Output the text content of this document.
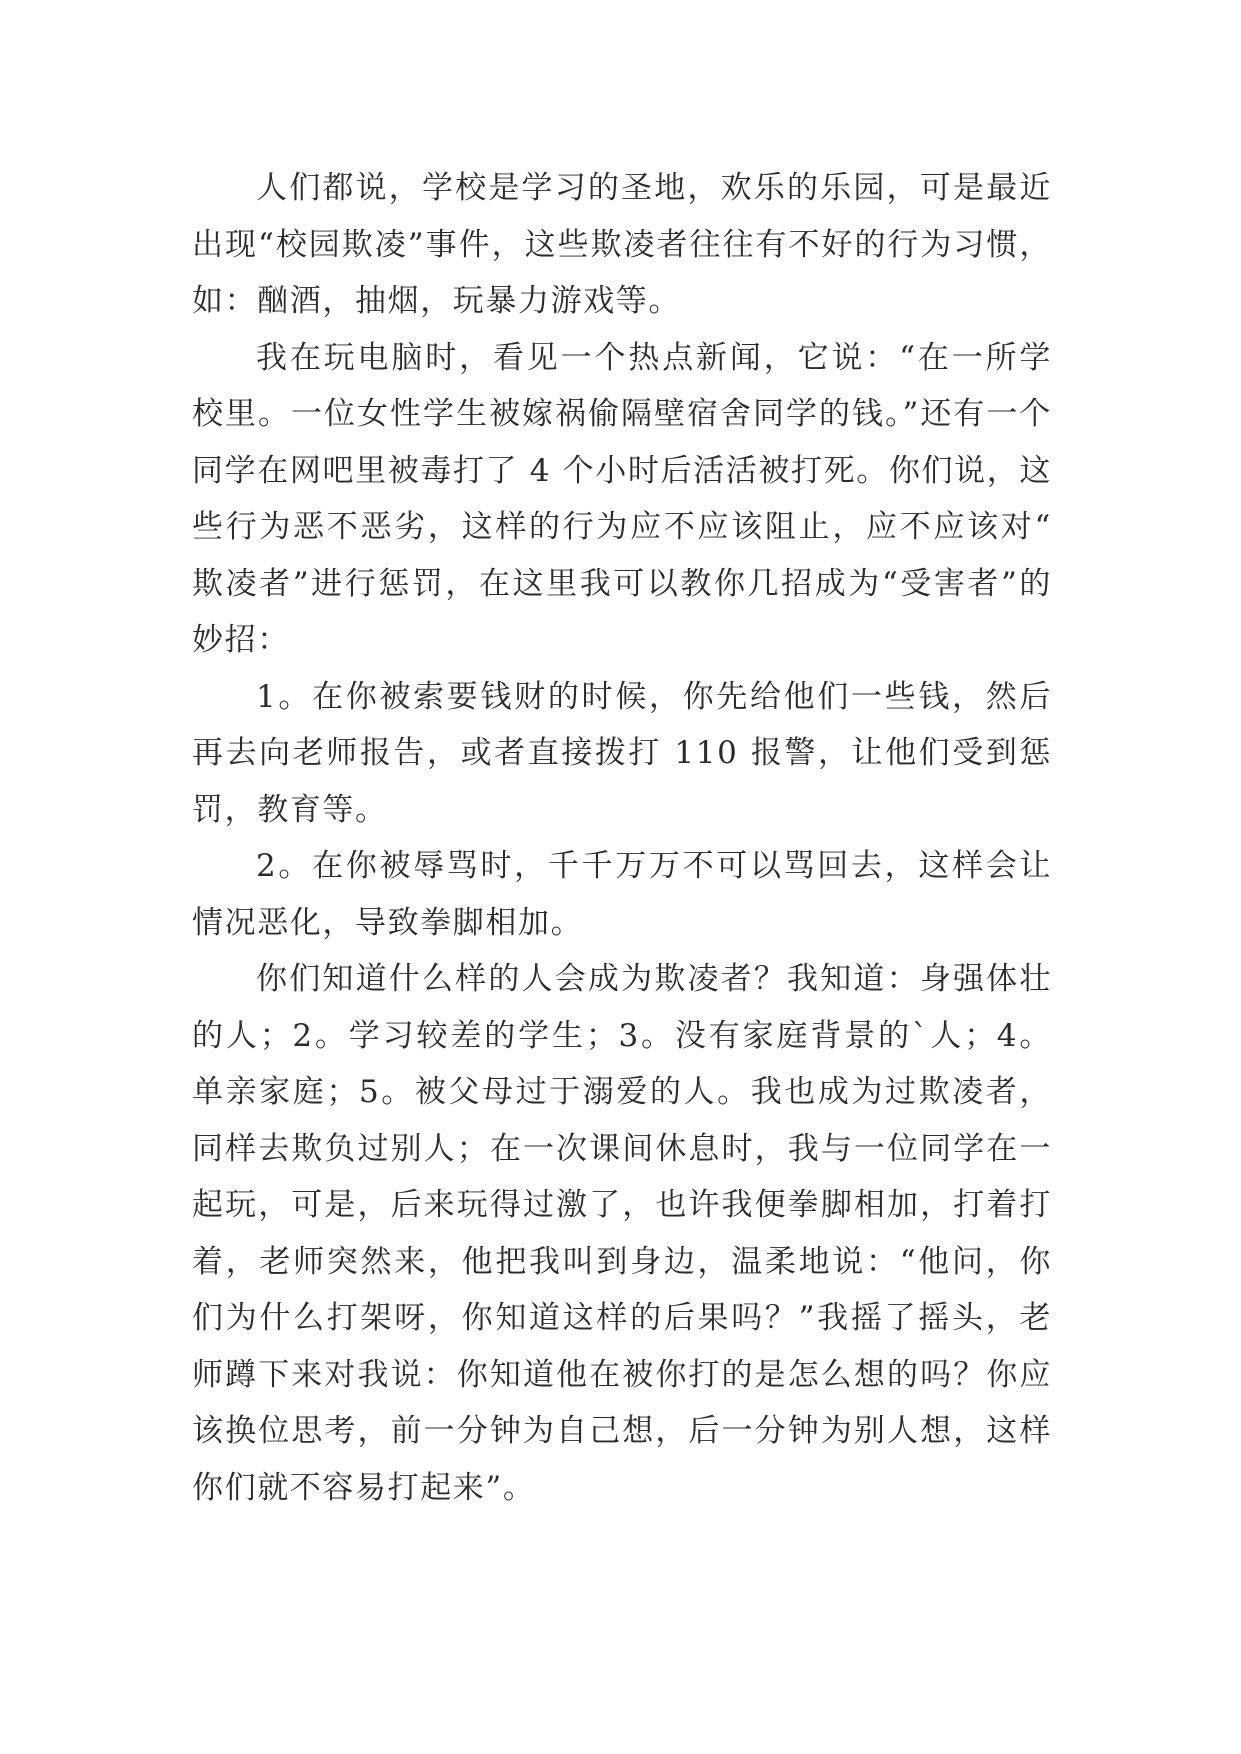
人们都说，学校是学习的圣地，欢乐的乐园，可是最近出现“校园欺凌”事件，这些欺凌者往往有不好的行为习惯，如：酗酒，抽烟，玩暴力游戏等。

我在玩电脑时，看见一个热点新闻，它说：“在一所学校里。一位女性学生被嫁祸偷隔壁宿舍同学的钱。”还有一个同学在网吧里被毒打了 4 个小时后活活被打死。你们说，这些行为恶不恶劣，这样的行为应不应该阻止，应不应该对“欺凌者”进行惩罚，在这里我可以教你几招成为“受害者”的妙招：

1。在你被索要钱财的时候，你先给他们一些钱，然后再去向老师报告，或者直接拨打 110 报警，让他们受到惩罚，教育等。

2。在你被辱骂时，千千万万不可以骂回去，这样会让情况恶化，导致拳脚相加。

你们知道什么样的人会成为欺凌者？我知道：身强体壮的人；2。学习较差的学生；3。没有家庭背景的`人；4。单亲家庭；5。被父母过于溺爱的人。我也成为过欺凌者，同样去欺负过别人；在一次课间休息时，我与一位同学在一起玩，可是，后来玩得过激了，也许我便拳脚相加，打着打着，老师突然来，他把我叫到身边，温柔地说：“他问，你们为什么打架呀，你知道这样的后果吗？”我摇了摇头，老师蹲下来对我说：你知道他在被你打的是怎么想的吗？你应该换位思考，前一分钟为自己想，后一分钟为别人想，这样你们就不容易打起来”。
